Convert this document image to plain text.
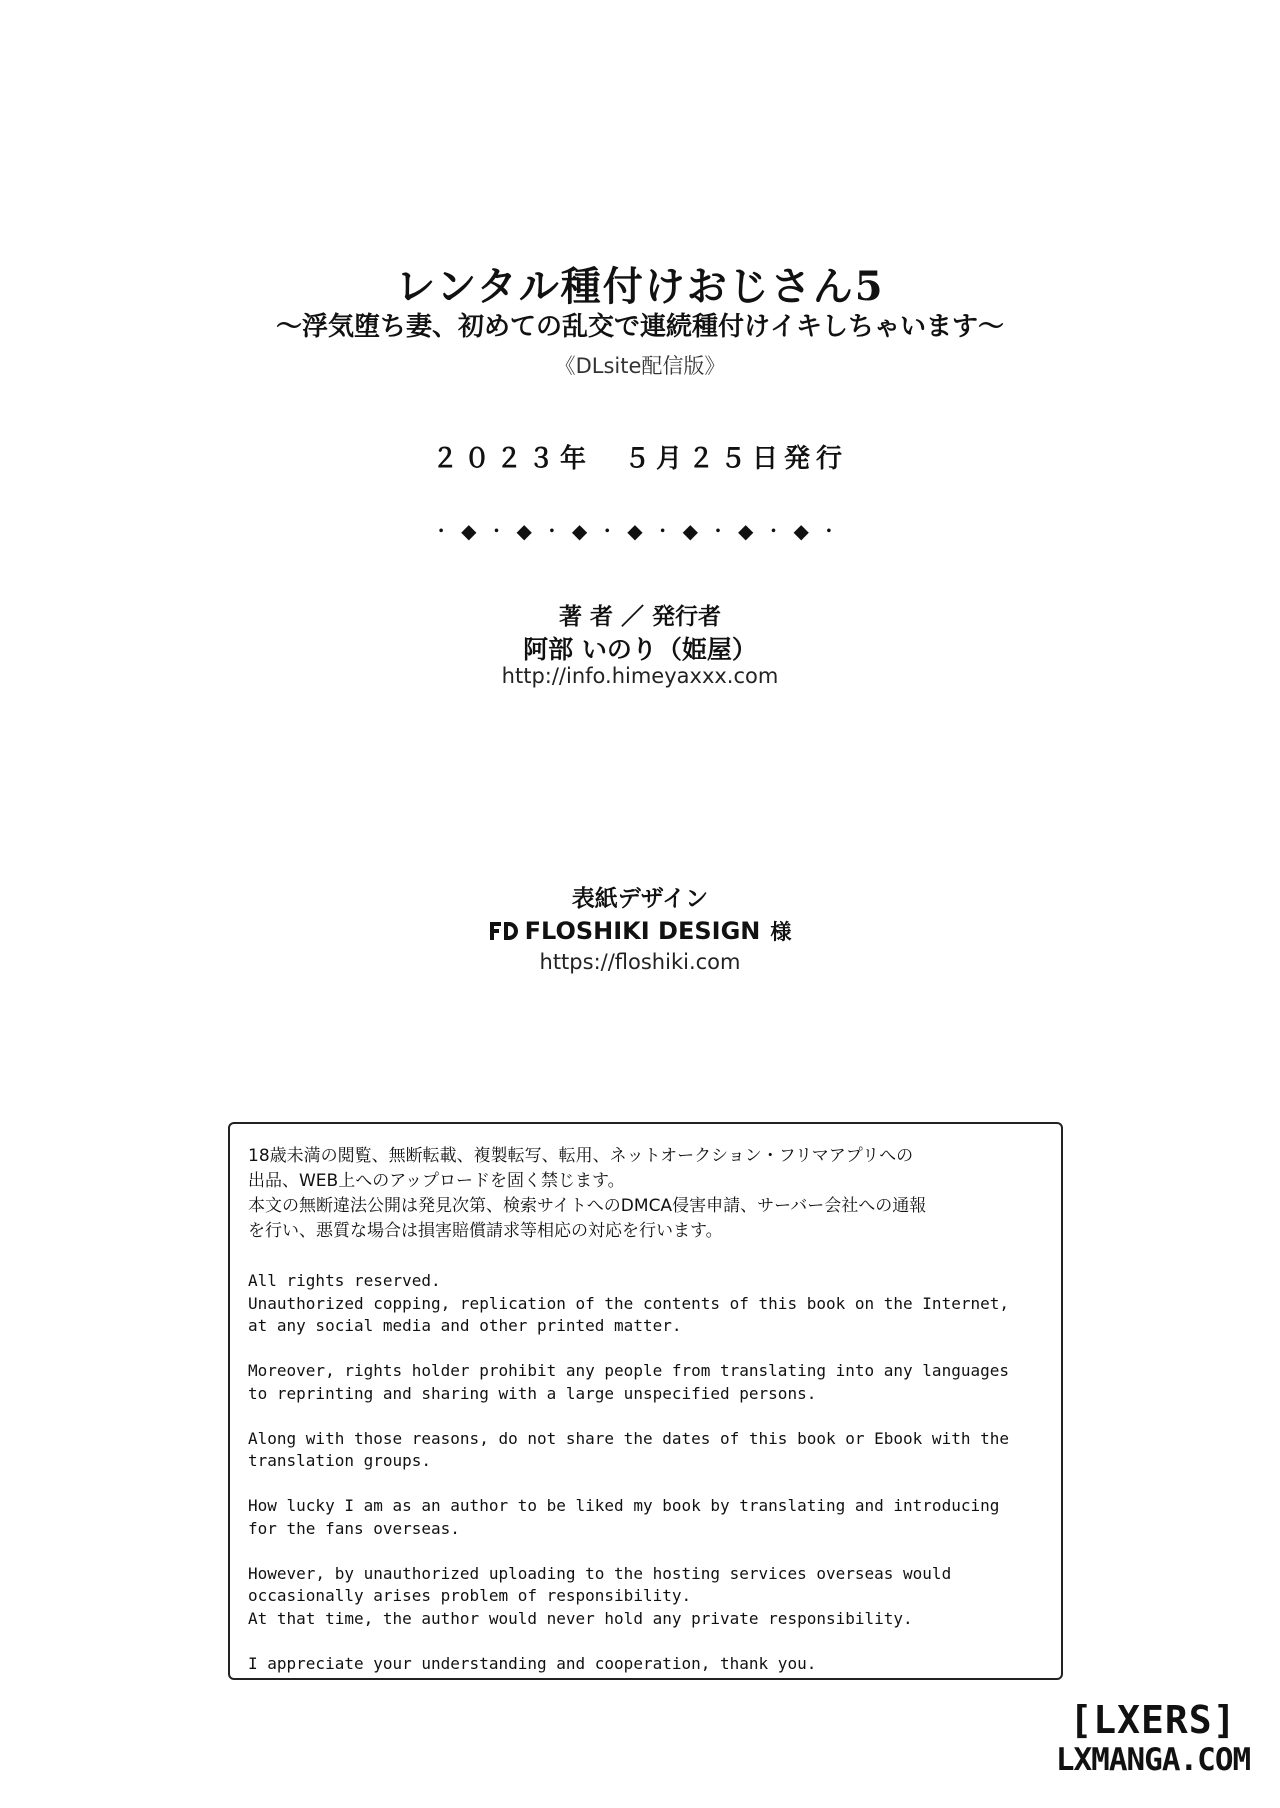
レンタル種付けおじさん5
〜浮気堕ち妻、初めての乱交で連続種付けイキしちゃいます〜
《DLsite配信版》
２０２３年　５月２５日発行
・◆・◆・◆・◆・◆・◆・◆・
著 者 ／ 発行者
阿部 いのり（姫屋）
http://info.himeyaxxx.com
表紙デザイン
FLOSHIKI DESIGN 様
https://floshiki.com

18歳未満の閲覧、無断転載、複製転写、転用、ネットオークション・フリマアプリへの

出品、WEB上へのアップロードを固く禁じます。

本文の無断違法公開は発見次第、検索サイトへのDMCA侵害申請、サーバー会社への通報

を行い、悪質な場合は損害賠償請求等相応の対応を行います。

All rights reserved.
Unauthorized copping, replication of the contents of this book on the Internet,
at any social media and other printed matter.

Moreover, rights holder prohibit any people from translating into any languages
to reprinting and sharing with a large unspecified persons.

Along with those reasons, do not share the dates of this book or Ebook with the
translation groups.

How lucky I am as an author to be liked my book by translating and introducing
for the fans overseas.

However, by unauthorized uploading to the hosting services overseas would
occasionally arises problem of responsibility.
At that time, the author would never hold any private responsibility.

I appreciate your understanding and cooperation, thank you.

[LXERS]
LXMANGA.COM
